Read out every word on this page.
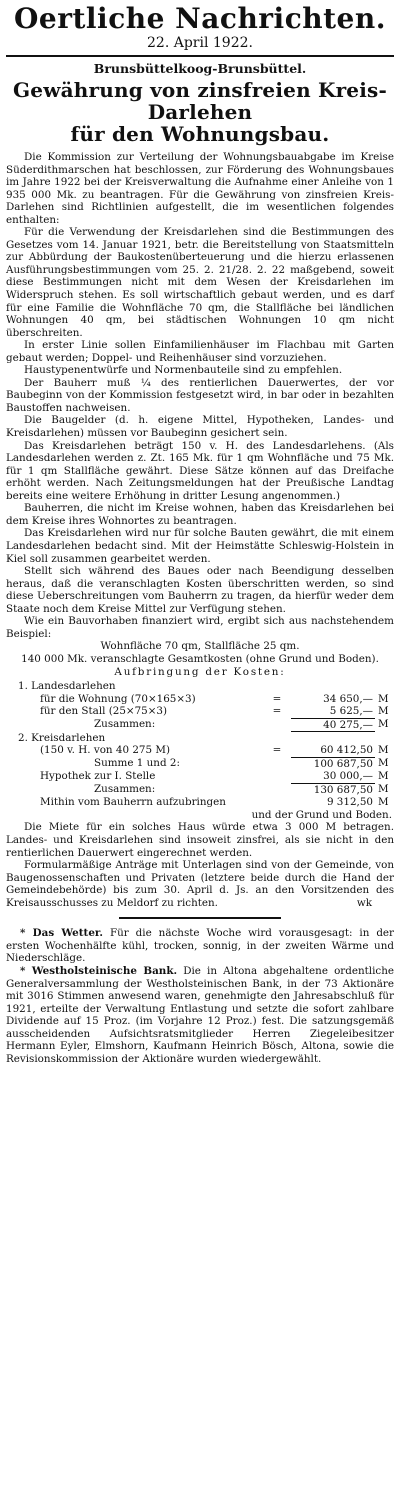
Oertliche Nachrichten.
22. April 1922.
Brunsbüttelkoog-Brunsbüttel.
Gewährung von zinsfreien Kreis-Darlehen
für den Wohnungsbau.

Die Kommission zur Verteilung der Wohnungsbauabgabe im Kreise Süderdithmarschen hat beschlossen, zur Förderung des Wohnungsbaues im Jahre 1922 bei der Kreisverwaltung die Aufnahme einer Anleihe von 1 935 000 Mk. zu beantragen. Für die Gewährung von zinsfreien Kreis-Darlehen sind Richtlinien aufgestellt, die im wesentlichen folgendes enthalten:

Für die Verwendung der Kreisdarlehen sind die Bestimmungen des Gesetzes vom 14. Januar 1921, betr. die Bereitstellung von Staatsmitteln zur Abbürdung der Baukostenüberteuerung und die hierzu erlassenen Ausführungsbestimmungen vom 25. 2. 21/28. 2. 22 maßgebend, soweit diese Bestimmungen nicht mit dem Wesen der Kreisdarlehen im Widerspruch stehen. Es soll wirtschaftlich gebaut werden, und es darf für eine Familie die Wohnfläche 70 qm, die Stallfläche bei ländlichen Wohnungen 40 qm, bei städtischen Wohnungen 10 qm nicht überschreiten.

In erster Linie sollen Einfamilienhäuser im Flachbau mit Garten gebaut werden; Doppel- und Reihenhäuser sind vorzuziehen.

Haustypenentwürfe und Normenbauteile sind zu empfehlen.

Der Bauherr muß ¼ des rentierlichen Dauerwertes, der vor Baubeginn von der Kommission festgesetzt wird, in bar oder in bezahlten Baustoffen nachweisen.

Die Baugelder (d. h. eigene Mittel, Hypotheken, Landes- und Kreisdarlehen) müssen vor Baubeginn gesichert sein.

Das Kreisdarlehen beträgt 150 v. H. des Landesdarlehens. (Als Landesdarlehen werden z. Zt. 165 Mk. für 1 qm Wohnfläche und 75 Mk. für 1 qm Stallfläche gewährt. Diese Sätze können auf das Dreifache erhöht werden. Nach Zeitungsmeldungen hat der Preußische Landtag bereits eine weitere Erhöhung in dritter Lesung angenommen.)

Bauherren, die nicht im Kreise wohnen, haben das Kreisdarlehen bei dem Kreise ihres Wohnortes zu beantragen.

Das Kreisdarlehen wird nur für solche Bauten gewährt, die mit einem Landesdarlehen bedacht sind. Mit der Heimstätte Schleswig-Holstein in Kiel soll zusammen gearbeitet werden.

Stellt sich während des Baues oder nach Beendigung desselben heraus, daß die veranschlagten Kosten überschritten werden, so sind diese Ueberschreitungen vom Bauherrn zu tragen, da hierfür weder dem Staate noch dem Kreise Mittel zur Verfügung stehen.

Wie ein Bauvorhaben finanziert wird, ergibt sich aus nachstehendem Beispiel:

Wohnfläche 70 qm, Stallfläche 25 qm.
140 000 Mk. veranschlagte Gesamtkosten (ohne Grund und Boden).
Aufbringung der Kosten:
1. Landesdarlehen			
für die Wohnung (70×165×3)	=	34 650,—	M
für den Stall (25×75×3)	=	5 625,—	M
Zusammen:		40 275,—	M
2. Kreisdarlehen			
(150 v. H. von 40 275 M)	=	60 412,50	M
Summe 1 und 2:		100 687,50	M
Hypothek zur I. Stelle		30 000,—	M
Zusammen:		130 687,50	M
Mithin vom Bauherrn aufzubringen		9 312,50	M
und der Grund und Boden.			

Die Miete für ein solches Haus würde etwa 3 000 M betragen. Landes- und Kreisdarlehen sind insoweit zinsfrei, als sie nicht in den rentierlichen Dauerwert eingerechnet werden.

Formularmäßige Anträge mit Unterlagen sind von der Gemeinde, von Baugenossenschaften und Privaten (letztere beide durch die Hand der Gemeindebehörde) bis zum 30. April d. Js. an den Vorsitzenden des Kreisausschusses zu Meldorf zu richten.	wk

* Das Wetter. Für die nächste Woche wird vorausgesagt: in der ersten Wochenhälfte kühl, trocken, sonnig, in der zweiten Wärme und Niederschläge.

* Westholsteinische Bank. Die in Altona abgehaltene ordentliche Generalversammlung der Westholsteinischen Bank, in der 73 Aktionäre mit 3016 Stimmen anwesend waren, genehmigte den Jahresabschluß für 1921, erteilte der Verwaltung Entlastung und setzte die sofort zahlbare Dividende auf 15 Proz. (im Vorjahre 12 Proz.) fest. Die satzungsgemäß ausscheidenden Aufsichtsratsmitglieder Herren Ziegeleibesitzer Hermann Eyler, Elmshorn, Kaufmann Heinrich Bösch, Altona, sowie die Revisionskommission der Aktionäre wurden wiedergewählt.
